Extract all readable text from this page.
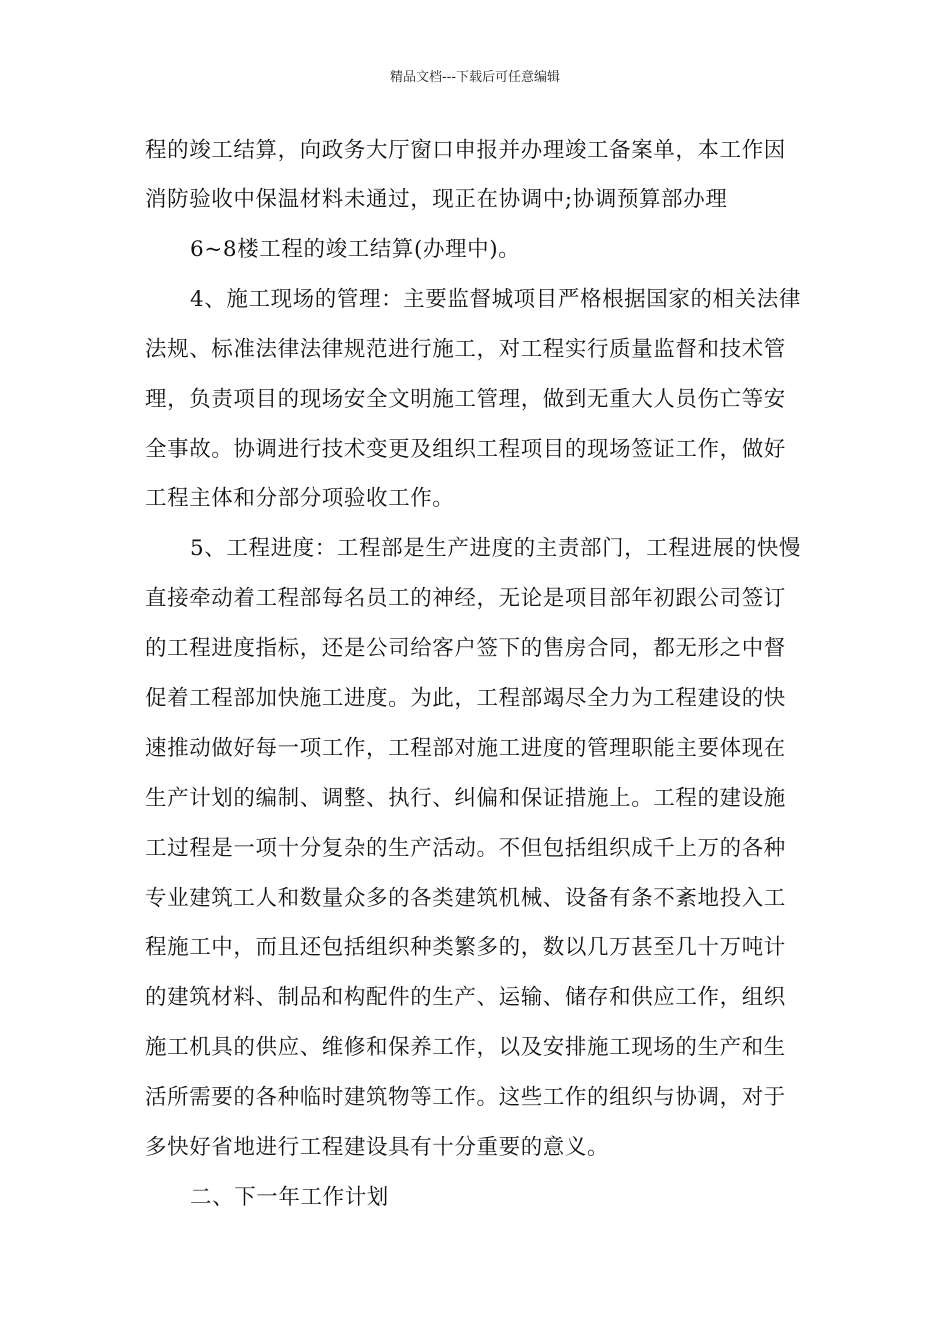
精品文档---下载后可任意编辑
程的竣工结算，向政务大厅窗口申报并办理竣工备案单，本工作因
消防验收中保温材料未通过，现正在协调中;协调预算部办理
6~8楼工程的竣工结算(办理中)。
4、施工现场的管理：主要监督城项目严格根据国家的相关法律
法规、标准法律法律规范进行施工，对工程实行质量监督和技术管
理，负责项目的现场安全文明施工管理，做到无重大人员伤亡等安
全事故。协调进行技术变更及组织工程项目的现场签证工作，做好
工程主体和分部分项验收工作。
5、工程进度：工程部是生产进度的主责部门，工程进展的快慢
直接牵动着工程部每名员工的神经，无论是项目部年初跟公司签订
的工程进度指标，还是公司给客户签下的售房合同，都无形之中督
促着工程部加快施工进度。为此，工程部竭尽全力为工程建设的快
速推动做好每一项工作，工程部对施工进度的管理职能主要体现在
生产计划的编制、调整、执行、纠偏和保证措施上。工程的建设施
工过程是一项十分复杂的生产活动。不但包括组织成千上万的各种
专业建筑工人和数量众多的各类建筑机械、设备有条不紊地投入工
程施工中，而且还包括组织种类繁多的，数以几万甚至几十万吨计
的建筑材料、制品和构配件的生产、运输、储存和供应工作，组织
施工机具的供应、维修和保养工作，以及安排施工现场的生产和生
活所需要的各种临时建筑物等工作。这些工作的组织与协调，对于
多快好省地进行工程建设具有十分重要的意义。
二、下一年工作计划
